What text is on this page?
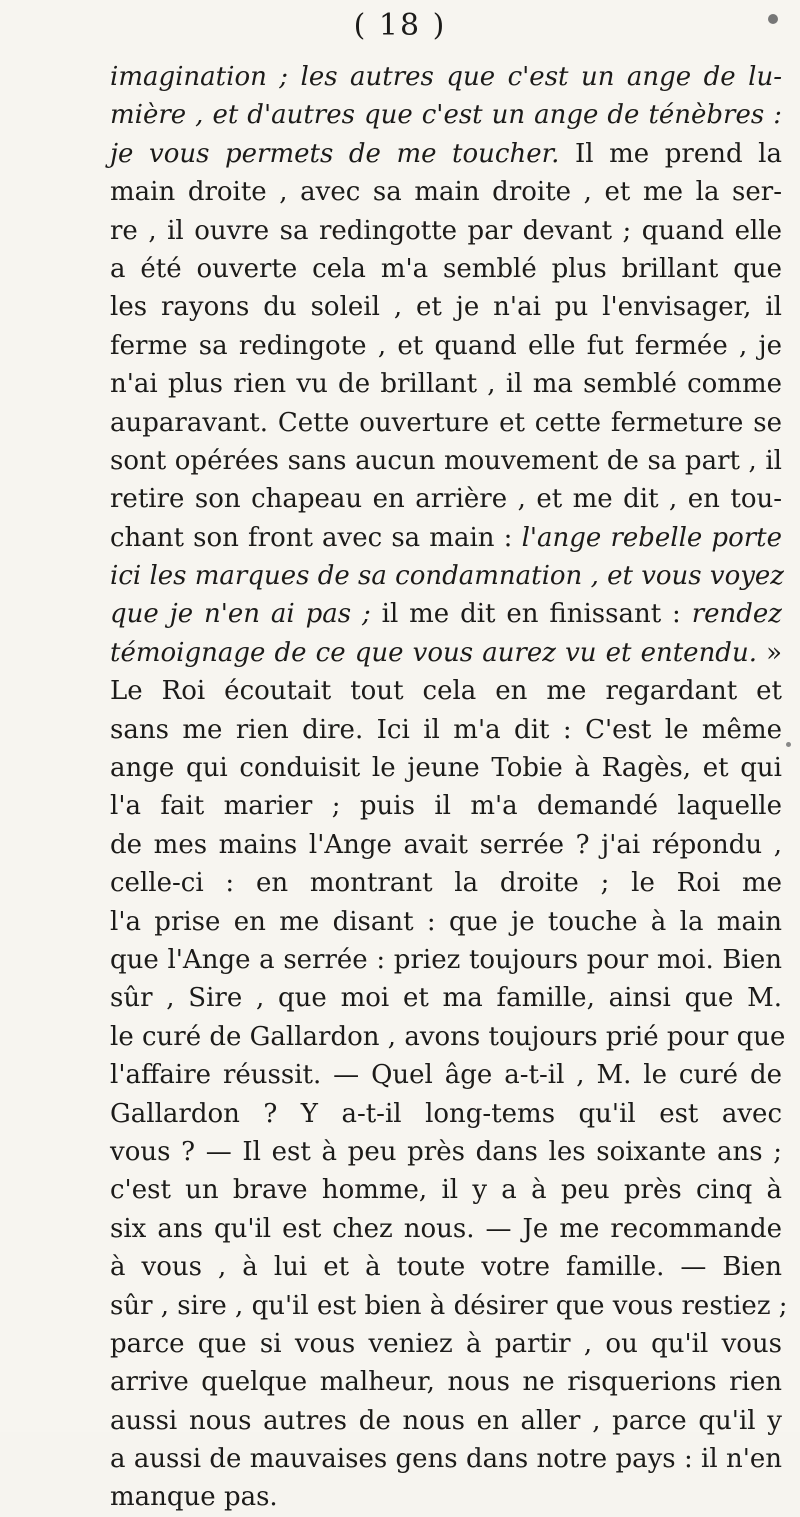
( 18 )
imagination ; les autres que c'est un ange de lu-
mière , et d'autres que c'est un ange de ténèbres :
je vous permets de me toucher. Il me prend la
main droite , avec sa main droite , et me la ser-
re , il ouvre sa redingotte par devant ; quand elle
a été ouverte cela m'a semblé plus brillant que
les rayons du soleil , et je n'ai pu l'envisager, il
ferme sa redingote , et quand elle fut fermée , je
n'ai plus rien vu de brillant , il ma semblé comme
auparavant. Cette ouverture et cette fermeture se
sont opérées sans aucun mouvement de sa part , il
retire son chapeau en arrière , et me dit , en tou-
chant son front avec sa main : l'ange rebelle porte
ici les marques de sa condamnation , et vous voyez
que je n'en ai pas ; il me dit en finissant : rendez
témoignage de ce que vous aurez vu et entendu. »
Le Roi écoutait tout cela en me regardant et
sans me rien dire. Ici il m'a dit : C'est le même
ange qui conduisit le jeune Tobie à Ragès, et qui
l'a fait marier ; puis il m'a demandé laquelle
de mes mains l'Ange avait serrée ? j'ai répondu ,
celle-ci : en montrant la droite ; le Roi me
l'a prise en me disant : que je touche à la main
que l'Ange a serrée : priez toujours pour moi. Bien
sûr , Sire , que moi et ma famille, ainsi que M.
le curé de Gallardon , avons toujours prié pour que
l'affaire réussit. — Quel âge a-t-il , M. le curé de
Gallardon ? Y a-t-il long-tems qu'il est avec
vous ? — Il est à peu près dans les soixante ans ;
c'est un brave homme, il y a à peu près cinq à
six ans qu'il est chez nous. — Je me recommande
à vous , à lui et à toute votre famille. — Bien
sûr , sire , qu'il est bien à désirer que vous restiez ;
parce que si vous veniez à partir , ou qu'il vous
arrive quelque malheur, nous ne risquerions rien
aussi nous autres de nous en aller , parce qu'il y
a aussi de mauvaises gens dans notre pays : il n'en
manque pas.
